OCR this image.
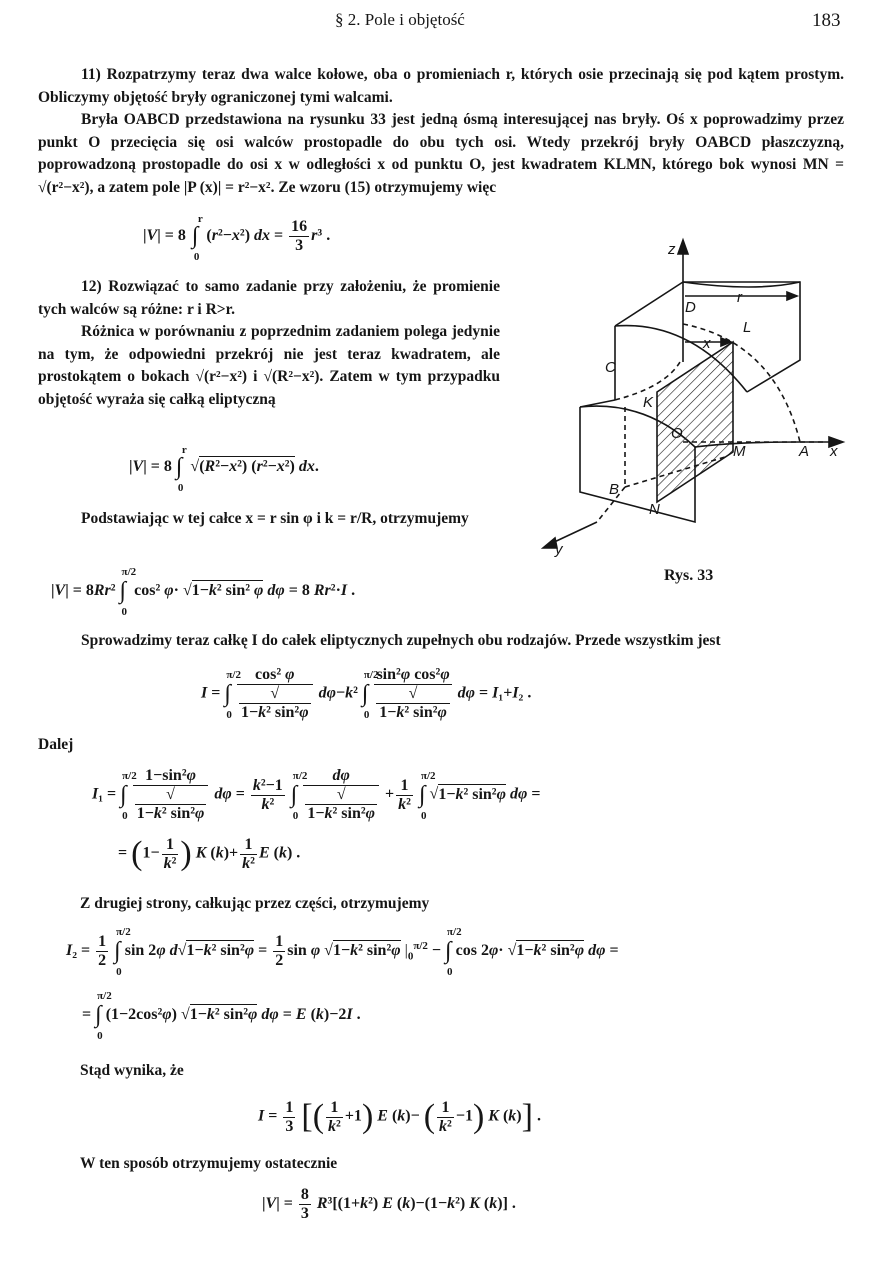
§ 2. Pole i objętość	183
11) Rozpatrzymy teraz dwa walce kołowe, oba o promieniach r, których osie przecinają się pod kątem prostym. Obliczymy objętość bryły ograniczonej tymi walcami.
Bryła OABCD przedstawiona na rysunku 33 jest jedną ósmą interesującej nas bryły. Oś x poprowadzimy przez punkt O przecięcia się osi walców prostopadle do obu tych osi. Wtedy przekrój bryły OABCD płaszczyzną, poprowadzoną prostopadle do osi x w odległości x od punktu O, jest kwadratem KLMN, którego bok wynosi MN = √(r²−x²), a zatem pole |P (x)| = r²−x². Ze wzoru (15) otrzymujemy więc
|V| = 8 ∫
r
0
(r²−x²) dx = $\frac{16}{3} r^3$ .
12) Rozwiązać to samo zadanie przy założeniu, że promienie tych walców są różne: r i R>r.
Różnica w porównaniu z poprzednim zadaniem polega jedynie na tym, że odpowiedni przekrój nie jest teraz kwadratem, ale prostokątem o bokach √(r²−x²) i √(R²−x²). Zatem w tym przypadku objętość wyraża się całką eliptyczną
|V| = 8 ∫
r
0
√(R²−x²) (r²−x²) dx.
Podstawiając w tej całce x = r sin φ i k = r/R, otrzymujemy
|V| = 8Rr² ∫
π/2
0
cos² φ· √1−k² sin² φ dφ = 8 Rr²·I .
z
r
D
L
x
C
K
O
M	A x
B
N
y
Rys. 33
Sprowadzimy teraz całkę I do całek eliptycznych zupełnych obu rodzajów. Przede wszystkim jest
I = ∫
π/2
0
cos² φ
√
1−k² sin²φ dφ−k² ∫
π/2
0
sin²φ cos²φ
√
1−k² sin²φ dφ = I₁+I₂ .
Dalej
I₁ = ∫
π/2
0
1−sin²φ
√
1−k² sin²φ $d\varphi = \frac{\text{k²−1}}{\text{k²}}$ ∫
π/2
0
dφ
√
1−k² $\sin^2\varphi + \frac{1}{\text{k²}}$ ∫
π/2
0
√1−k² sin²φ dφ =
= ($1- \frac{1}{\text{k²}}$ ) K $(k)+ \frac{1}{\text{k²}}$ E (k) .
Z drugiej strony, całkując przez części, otrzymujemy
$I_2 = \frac{1}{2}$ ∫
π/2
0
sin 2φ d√1−k² $\sin^2\varphi = \frac{1}{2}$ sin φ √1−k² sin²φ $|_0^{\pi/2}$ − ∫
π/2
0
cos 2φ· √1−k² sin²φ dφ =
= ∫
π/2
0
(1−2cos²φ) √1−k² sin²φ dφ = E (k)−2I .
Stąd wynika, że
$I = \frac{1}{3}$ [( $\frac{1}{\text{k²}} +1$) E (k)− ( $\frac{1}{\text{k²}} -1$) K (k)] .
W ten sposób otrzymujemy ostatecznie
$|V| = \frac{8}{3} R^3[(1+k^2)$ E (k)−(1−k²) K (k)] .
